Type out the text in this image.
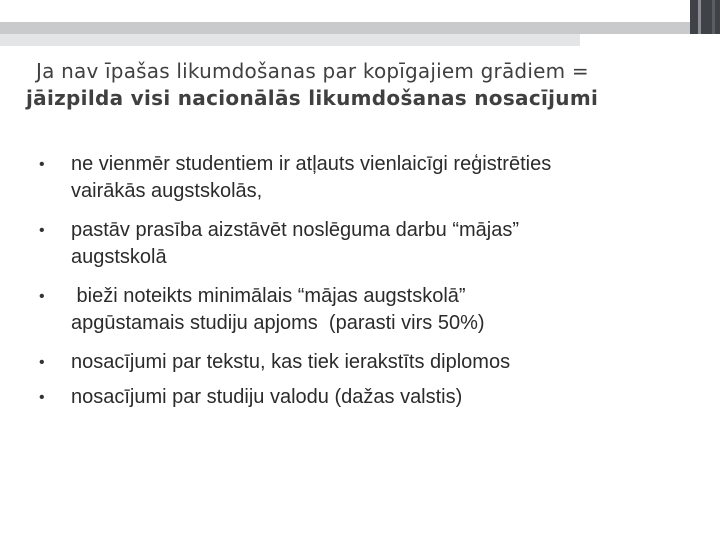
Ja nav īpašas likumdošanas par kopīgajiem grādiem =
jāizpilda visi nacionālās likumdošanas nosacījumi
• ne vienmēr studentiem ir atļauts vienlaicīgi reģistrēties
vairākās augstskolās,
• pastāv prasība aizstāvēt noslēguma darbu “mājas”
augstskolā
• bieži noteikts minimālais “mājas augstskolā”
apgūstamais studiju apjoms  (parasti virs 50%)
• nosacījumi par tekstu, kas tiek ierakstīts diplomos
• nosacījumi par studiju valodu (dažas valstis)
